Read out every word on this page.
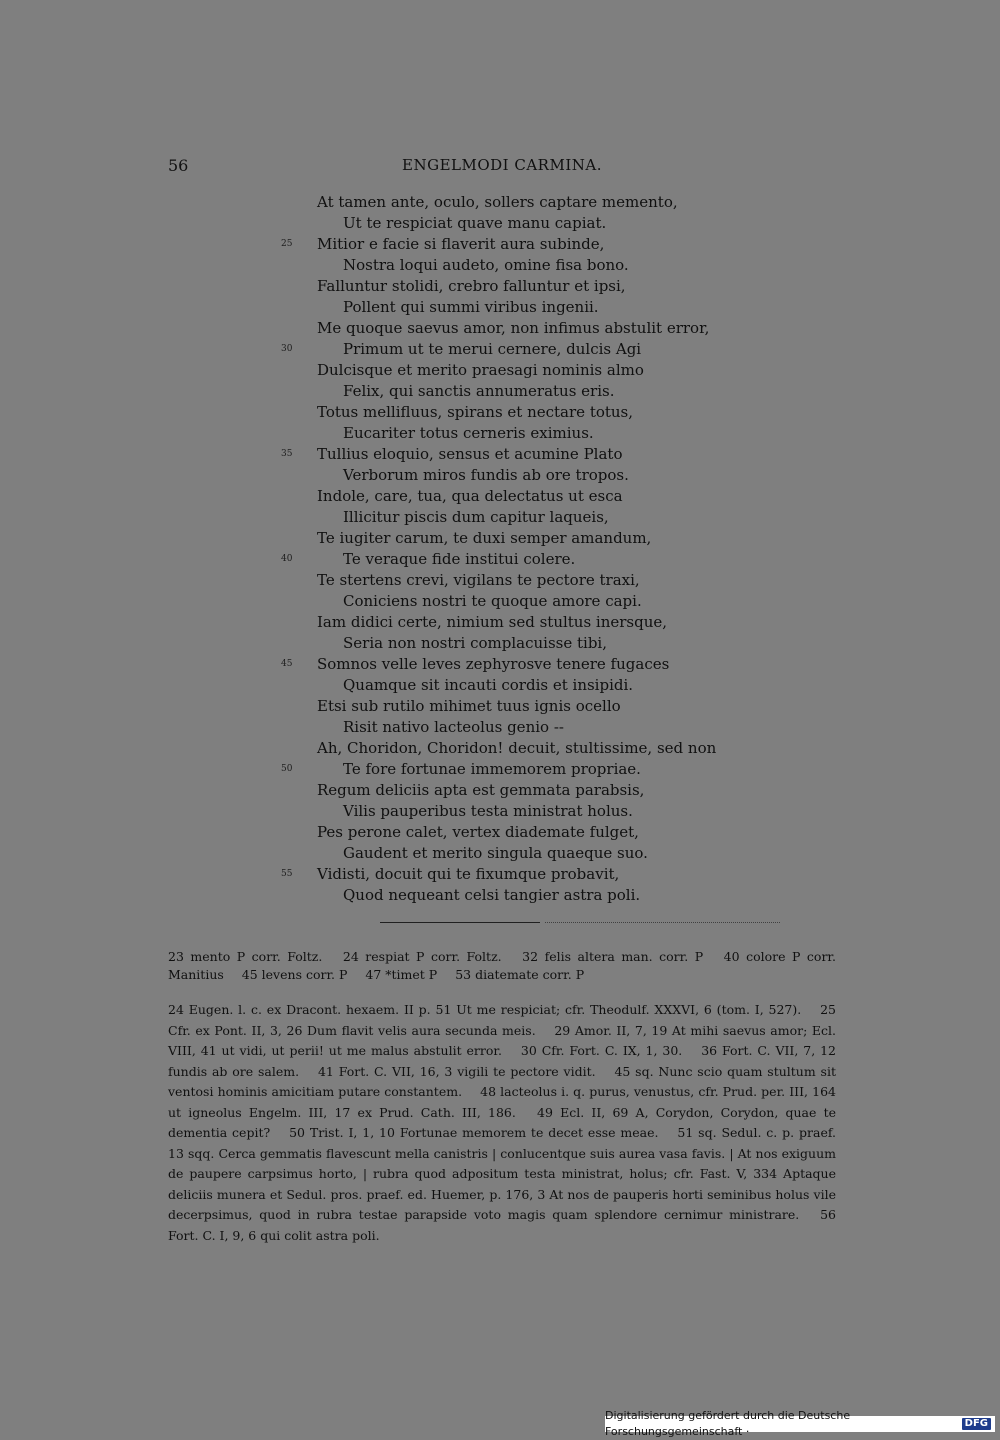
56	ENGELMODI CARMINA.
At tamen ante, oculo, sollers captare memento,
Ut te respiciat quave manu capiat.
Mitior e facie si flaverit aura subinde,
25
Nostra loqui audeto, omine fisa bono.
Falluntur stolidi, crebro falluntur et ipsi,
Pollent qui summi viribus ingenii.
Me quoque saevus amor, non infimus abstulit error,
Primum ut te merui cernere, dulcis Agi
30
Dulcisque et merito praesagi nominis almo
Felix, qui sanctis annumeratus eris.
Totus mellifluus, spirans et nectare totus,
Eucariter totus cerneris eximius.
Tullius eloquio, sensus et acumine Plato
35
Verborum miros fundis ab ore tropos.
Indole, care, tua, qua delectatus ut esca
Illicitur piscis dum capitur laqueis,
Te iugiter carum, te duxi semper amandum,
Te veraque fide institui colere.
40
Te stertens crevi, vigilans te pectore traxi,
Coniciens nostri te quoque amore capi.
Iam didici certe, nimium sed stultus inersque,
Seria non nostri complacuisse tibi,
Somnos velle leves zephyrosve tenere fugaces
45
Quamque sit incauti cordis et insipidi.
Etsi sub rutilo mihimet tuus ignis ocello
Risit nativo lacteolus genio --
Ah, Choridon, Choridon! decuit, stultissime, sed non
Te fore fortunae immemorem propriae.
50
Regum deliciis apta est gemmata parabsis,
Vilis pauperibus testa ministrat holus.
Pes perone calet, vertex diademate fulget,
Gaudent et merito singula quaeque suo.
Vidisti, docuit qui te fixumque probavit,
55
Quod nequeant celsi tangier astra poli.
23 mento P corr. Foltz. 24 respiat P corr. Foltz. 32 felis altera man. corr. P 40 colore P corr. Manitius 45 levens corr. P 47 *timet P 53 diatemate corr. P
24 Eugen. l. c. ex Dracont. hexaem. II p. 51 Ut me respiciat; cfr. Theodulf. XXXVI, 6 (tom. I, 527). 25 Cfr. ex Pont. II, 3, 26 Dum flavit velis aura secunda meis. 29 Amor. II, 7, 19 At mihi saevus amor; Ecl. VIII, 41 ut vidi, ut perii! ut me malus abstulit error. 30 Cfr. Fort. C. IX, 1, 30. 36 Fort. C. VII, 7, 12 fundis ab ore salem. 41 Fort. C. VII, 16, 3 vigili te pectore vidit. 45 sq. Nunc scio quam stultum sit ventosi hominis amicitiam putare constantem. 48 lacteolus i. q. purus, venustus, cfr. Prud. per. III, 164 ut igneolus Engelm. III, 17 ex Prud. Cath. III, 186. 49 Ecl. II, 69 A, Corydon, Corydon, quae te dementia cepit? 50 Trist. I, 1, 10 Fortunae memorem te decet esse meae. 51 sq. Sedul. c. p. praef. 13 sqq. Cerca gemmatis flavescunt mella canistris | conlucentque suis aurea vasa favis. | At nos exiguum de paupere carpsimus horto, | rubra quod adpositum testa ministrat, holus; cfr. Fast. V, 334 Aptaque deliciis munera et Sedul. pros. praef. ed. Huemer, p. 176, 3 At nos de pauperis horti seminibus holus vile decerpsimus, quod in rubra testae parapside voto magis quam splendore cernimur ministrare. 56 Fort. C. I, 9, 6 qui colit astra poli.
Digitalisierung gefördert durch die Deutsche Forschungsgemeinschaft ·
DFG
